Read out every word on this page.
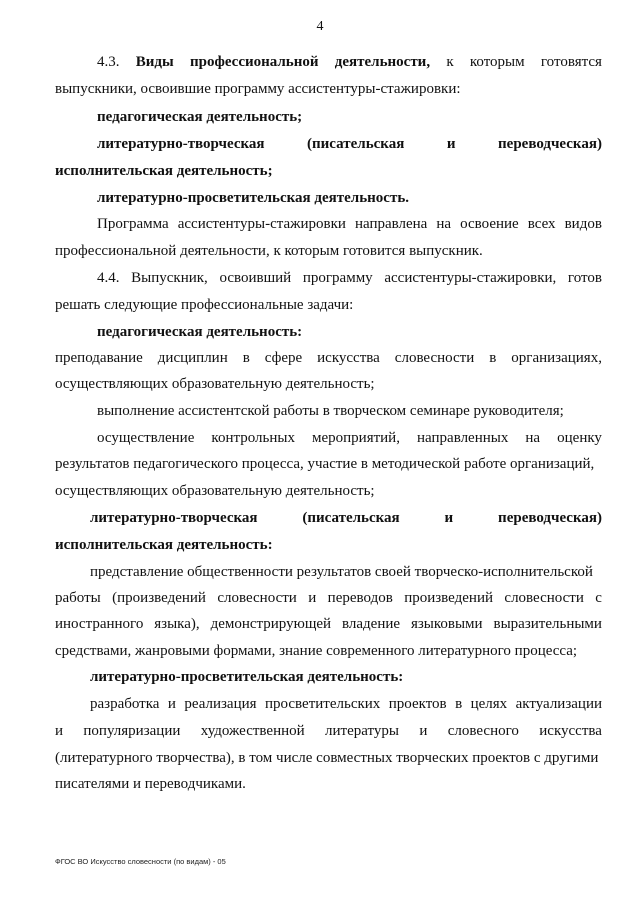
4
4.3. Виды профессиональной деятельности, к которым готовятся
выпускники, освоившие программу ассистентуры-стажировки:
педагогическая деятельность;
литературно-творческая	(писательская	и	переводческая)
исполнительская деятельность;
литературно-просветительская деятельность.
Программа ассистентуры-стажировки направлена на освоение всех видов
профессиональной деятельности, к которым готовится выпускник.
4.4. Выпускник, освоивший программу ассистентуры-стажировки, готов
решать следующие профессиональные задачи:
педагогическая деятельность:
преподавание дисциплин в сфере искусства словесности в организациях,
осуществляющих образовательную деятельность;
выполнение ассистентской работы в творческом семинаре руководителя;
осуществление контрольных мероприятий, направленных на оценку
результатов педагогического процесса, участие в методической работе организаций,
осуществляющих образовательную деятельность;
литературно-творческая	(писательская	и	переводческая)
исполнительская деятельность:
представление общественности результатов своей творческо-исполнительской
работы (произведений словесности и переводов произведений словесности с
иностранного языка), демонстрирующей владение языковыми выразительными
средствами, жанровыми формами, знание современного литературного процесса;
литературно-просветительская деятельность:
разработка и реализация просветительских проектов в целях актуализации
и популяризации художественной литературы и словесного искусства
(литературного творчества), в том числе совместных творческих проектов с другими
писателями и переводчиками.
ФГОС ВО Искусство словесности (по видам) - 05
